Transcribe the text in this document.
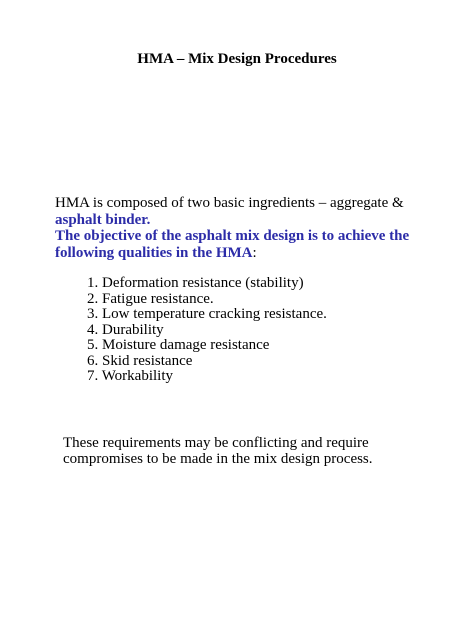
HMA – Mix Design Procedures
HMA is composed of two basic ingredients – aggregate &
asphalt binder.
The objective of the asphalt mix design is to achieve the
following qualities in the HMA:
1. Deformation resistance (stability)
2. Fatigue resistance.
3. Low temperature cracking resistance.
4. Durability
5. Moisture damage resistance
6. Skid resistance
7. Workability
These requirements may be conflicting and require
compromises to be made in the mix design process.
